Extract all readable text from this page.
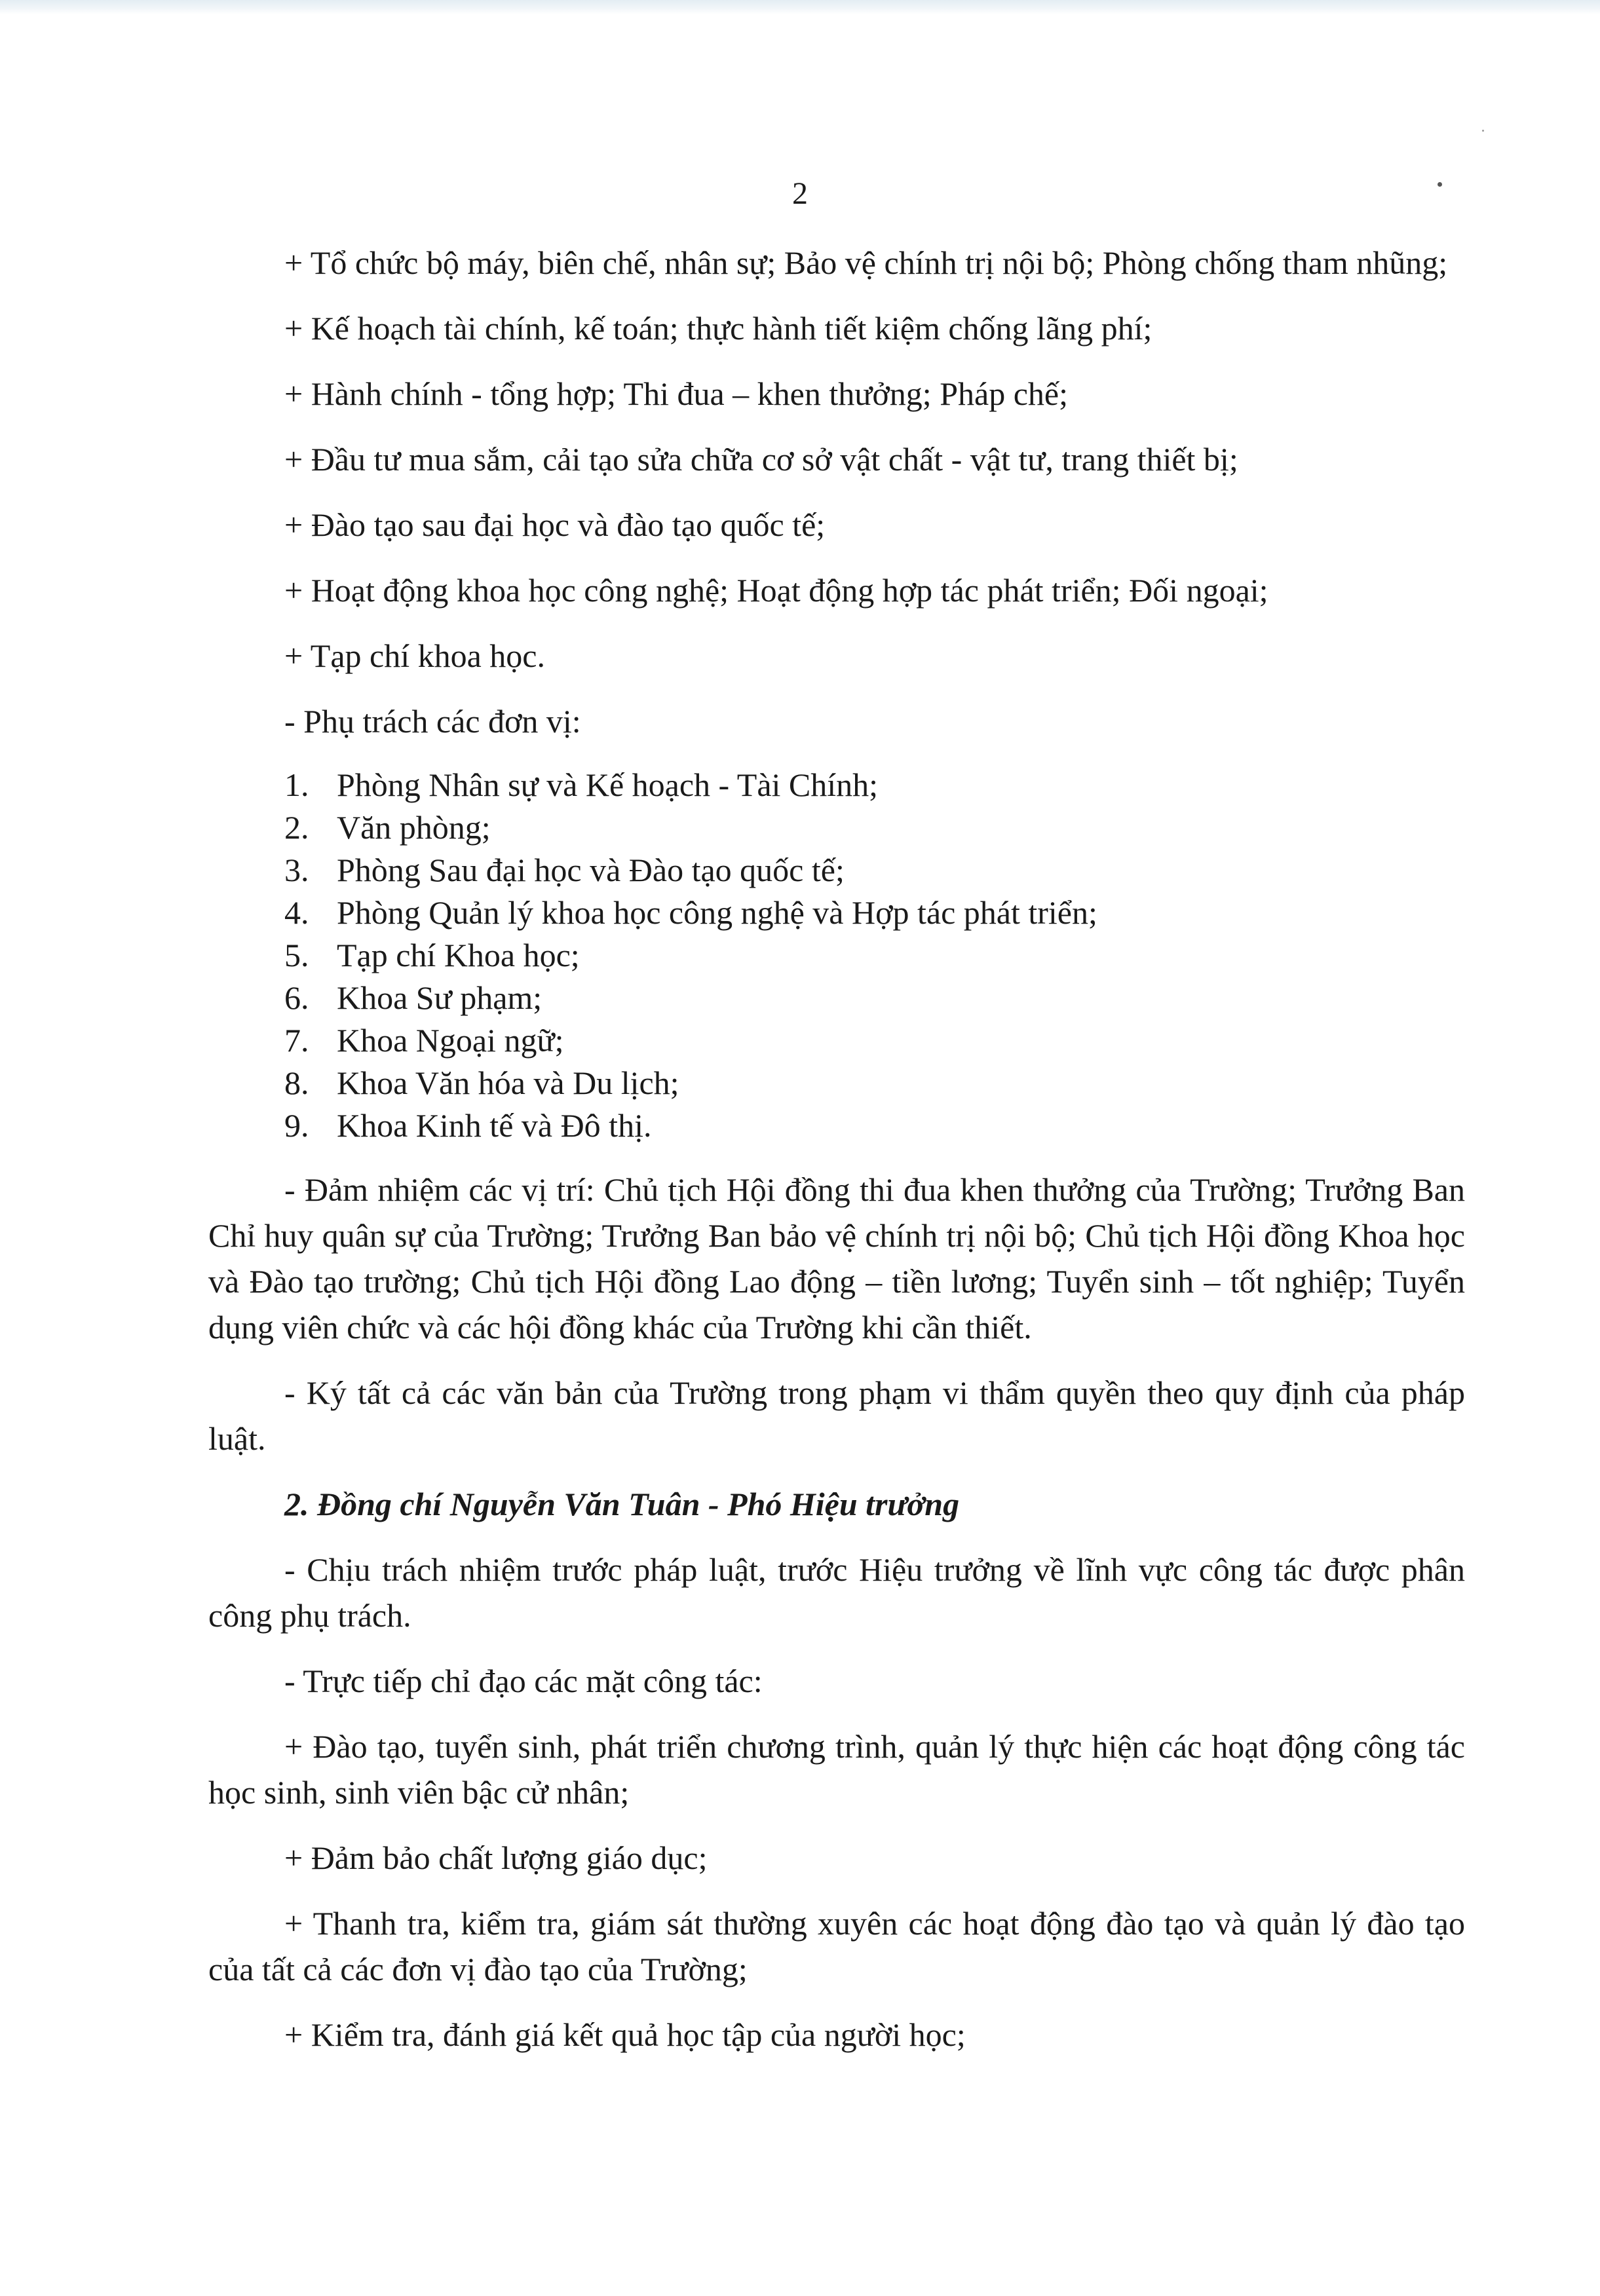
2

+ Tổ chức bộ máy, biên chế, nhân sự; Bảo vệ chính trị nội bộ; Phòng chống tham nhũng;

+ Kế hoạch tài chính, kế toán; thực hành tiết kiệm chống lãng phí;

+ Hành chính - tổng hợp; Thi đua – khen thưởng; Pháp chế;

+ Đầu tư mua sắm, cải tạo sửa chữa cơ sở vật chất - vật tư, trang thiết bị;

+ Đào tạo sau đại học và đào tạo quốc tế;

+ Hoạt động khoa học công nghệ; Hoạt động hợp tác phát triển; Đối ngoại;

+ Tạp chí khoa học.

- Phụ trách các đơn vị:

1. Phòng Nhân sự và Kế hoạch - Tài Chính;
2. Văn phòng;
3. Phòng Sau đại học và Đào tạo quốc tế;
4. Phòng Quản lý khoa học công nghệ và Hợp tác phát triển;
5. Tạp chí Khoa học;
6. Khoa Sư phạm;
7. Khoa Ngoại ngữ;
8. Khoa Văn hóa và Du lịch;
9. Khoa Kinh tế và Đô thị.

- Đảm nhiệm các vị trí: Chủ tịch Hội đồng thi đua khen thưởng của Trường; Trưởng Ban Chỉ huy quân sự của Trường; Trưởng Ban bảo vệ chính trị nội bộ; Chủ tịch Hội đồng Khoa học và Đào tạo trường; Chủ tịch Hội đồng Lao động – tiền lương; Tuyển sinh – tốt nghiệp; Tuyển dụng viên chức và các hội đồng khác của Trường khi cần thiết.

- Ký tất cả các văn bản của Trường trong phạm vi thẩm quyền theo quy định của pháp luật.

2. Đồng chí Nguyễn Văn Tuân - Phó Hiệu trưởng

- Chịu trách nhiệm trước pháp luật, trước Hiệu trưởng về lĩnh vực công tác được phân công phụ trách.

- Trực tiếp chỉ đạo các mặt công tác:

+ Đào tạo, tuyển sinh, phát triển chương trình, quản lý thực hiện các hoạt động công tác học sinh, sinh viên bậc cử nhân;

+ Đảm bảo chất lượng giáo dục;

+ Thanh tra, kiểm tra, giám sát thường xuyên các hoạt động đào tạo và quản lý đào tạo của tất cả các đơn vị đào tạo của Trường;

+ Kiểm tra, đánh giá kết quả học tập của người học;
